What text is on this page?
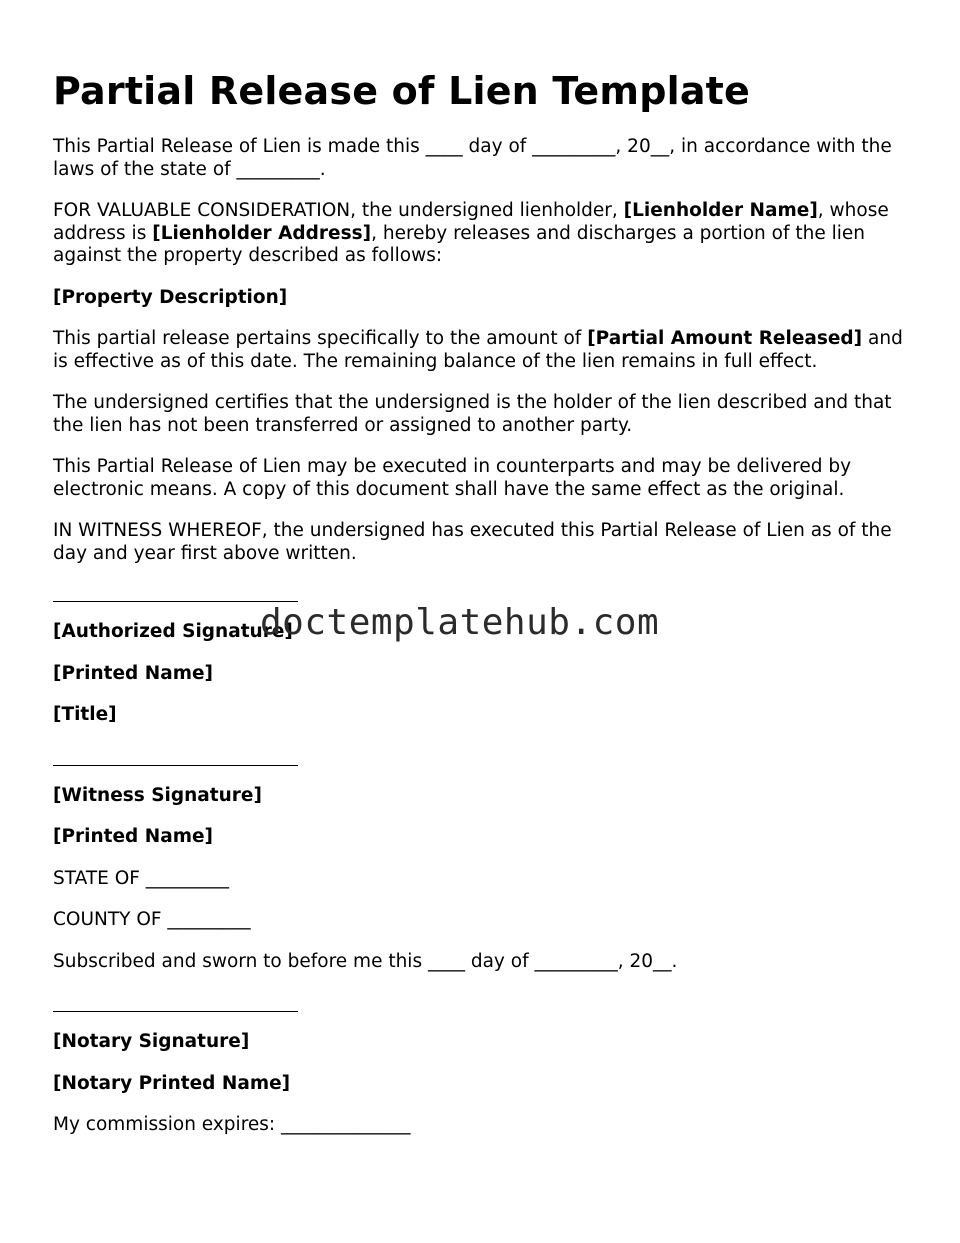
Partial Release of Lien Template

This Partial Release of Lien is made this ____ day of _________, 20__, in accordance with the laws of the state of _________.

FOR VALUABLE CONSIDERATION, the undersigned lienholder, [Lienholder Name], whose address is [Lienholder Address], hereby releases and discharges a portion of the lien against the property described as follows:

[Property Description]

This partial release pertains specifically to the amount of [Partial Amount Released] and is effective as of this date. The remaining balance of the lien remains in full effect.

The undersigned certifies that the undersigned is the holder of the lien described and that the lien has not been transferred or assigned to another party.

This Partial Release of Lien may be executed in counterparts and may be delivered by electronic means. A copy of this document shall have the same effect as the original.

IN WITNESS WHEREOF, the undersigned has executed this Partial Release of Lien as of the day and year first above written.

[Authorized Signature]

[Printed Name]

[Title]

[Witness Signature]

[Printed Name]

STATE OF _________

COUNTY OF _________

Subscribed and sworn to before me this ____ day of _________, 20__.

[Notary Signature]

[Notary Printed Name]

My commission expires: ______________

doctemplatehub.com
